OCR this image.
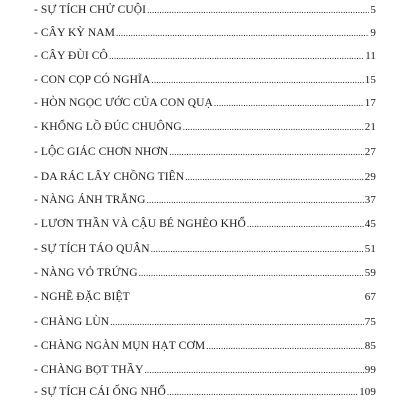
- SỰ TÍCH CHỬ CUỘI .....	5
- CÂY KỲ NAM .....	9
- CÂY ĐÙI CÔ .....	11
- CON CỌP CÓ NGHĨA .....	15
- HÒN NGỌC ƯỚC CỦA CON QUẠ .....	17
- KHỔNG LỒ ĐÚC CHUÔNG .....	21
- LỘC GIÁC CHƠN NHƠN .....	27
- DA RÁC LẤY CHỒNG TIÊN .....	29
- NÀNG ÁNH TRĂNG .....	37
- LƯƠN THẦN VÀ CẬU BÉ NGHÈO KHỔ .....	45
- SỰ TÍCH TÁO QUÂN .....	51
- NÀNG VỎ TRỨNG .....	59
- NGHỀ ĐẶC BIỆT	67
- CHÀNG LÙN .....	75
- CHÀNG NGÀN MỤN HẠT CƠM .....	85
- CHÀNG BỌT THẦY .....	99
- SỰ TÍCH CÁI ỐNG NHỔ .....	109
